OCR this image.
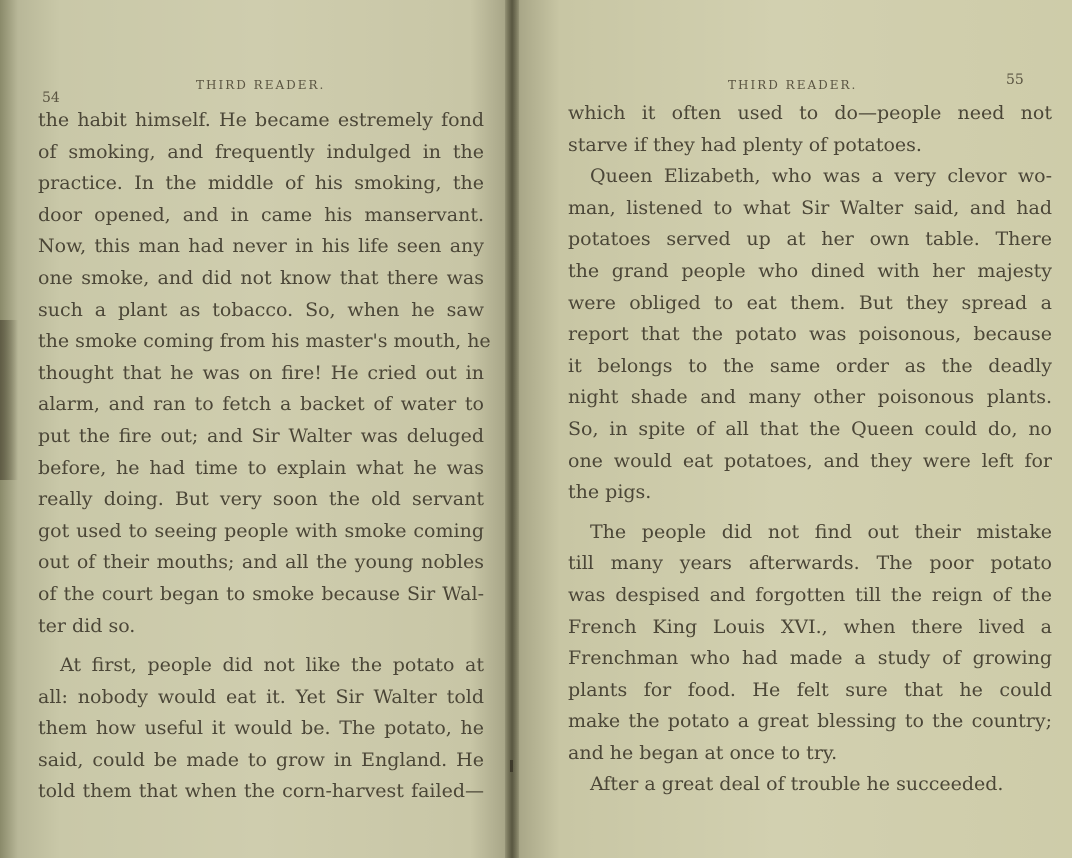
54
THIRD READER.
the habit himself. He became estremely fond
of smoking, and frequently indulged in the
practice. In the middle of his smoking, the
door opened, and in came his manservant.
Now, this man had never in his life seen any
one smoke, and did not know that there was
such a plant as tobacco. So, when he saw
the smoke coming from his master's mouth, he
thought that he was on fire! He cried out in
alarm, and ran to fetch a backet of water to
put the fire out; and Sir Walter was deluged
before, he had time to explain what he was
really doing. But very soon the old servant
got used to seeing people with smoke coming
out of their mouths; and all the young nobles
of the court began to smoke because Sir Wal-
ter did so.
At first, people did not like the potato at
all: nobody would eat it. Yet Sir Walter told
them how useful it would be. The potato, he
said, could be made to grow in England. He
told them that when the corn-harvest failed—
THIRD READER.	55
which it often used to do—people need not
starve if they had plenty of potatoes.
Queen Elizabeth, who was a very clevor wo-
man, listened to what Sir Walter said, and had
potatoes served up at her own table. There
the grand people who dined with her majesty
were obliged to eat them. But they spread a
report that the potato was poisonous, because
it belongs to the same order as the deadly
night shade and many other poisonous plants.
So, in spite of all that the Queen could do, no
one would eat potatoes, and they were left for
the pigs.
The people did not find out their mistake
till many years afterwards. The poor potato
was despised and forgotten till the reign of the
French King Louis XVI., when there lived a
Frenchman who had made a study of growing
plants for food. He felt sure that he could
make the potato a great blessing to the country;
and he began at once to try.
After a great deal of trouble he succeeded.
